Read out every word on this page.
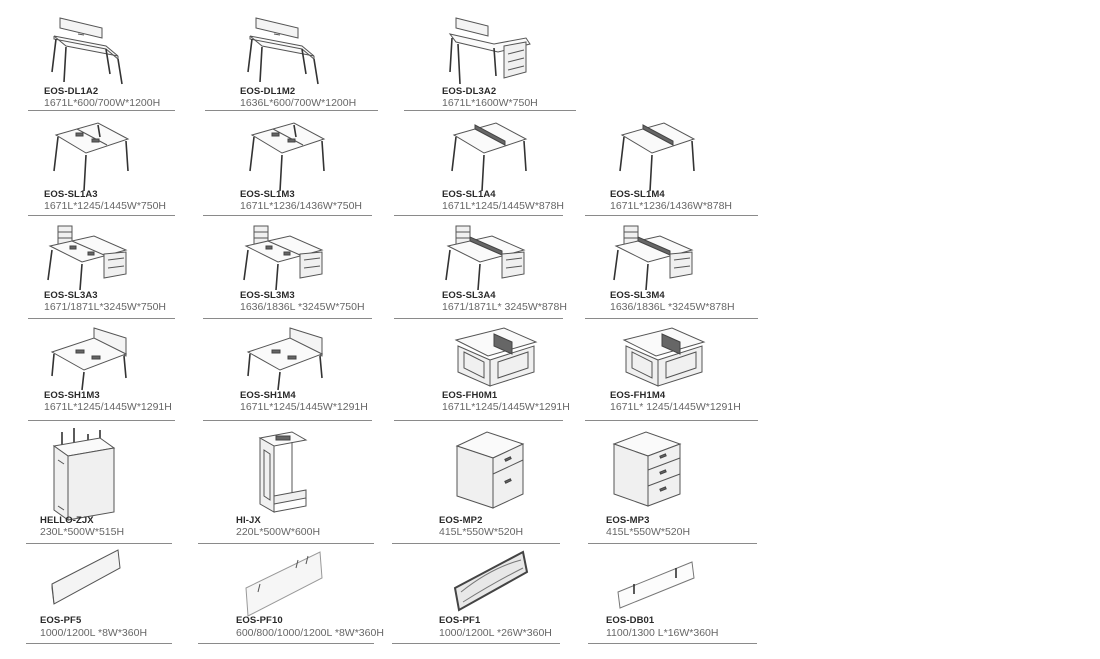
EOS-DL1A2
1671L*600/700W*1200H
EOS-DL1M2
1636L*600/700W*1200H
EOS-DL3A2
1671L*1600W*750H
EOS-SL1A3
1671L*1245/1445W*750H
EOS-SL1M3
1671L*1236/1436W*750H
EOS-SL1A4
1671L*1245/1445W*878H
EOS-SL1M4
1671L*1236/1436W*878H
EOS-SL3A3
1671/1871L*3245W*750H
EOS-SL3M3
1636/1836L *3245W*750H
EOS-SL3A4
1671/1871L* 3245W*878H
EOS-SL3M4
1636/1836L *3245W*878H
EOS-SH1M3
1671L*1245/1445W*1291H
EOS-SH1M4
1671L*1245/1445W*1291H
EOS-FH0M1
1671L*1245/1445W*1291H
EOS-FH1M4
1671L* 1245/1445W*1291H
HELLO-ZJX
230L*500W*515H
HI-JX
220L*500W*600H
EOS-MP2
415L*550W*520H
EOS-MP3
415L*550W*520H
EOS-PF5
1000/1200L *8W*360H
EOS-PF10
600/800/1000/1200L *8W*360H
EOS-PF1
1000/1200L *26W*360H
EOS-DB01
1100/1300 L*16W*360H
